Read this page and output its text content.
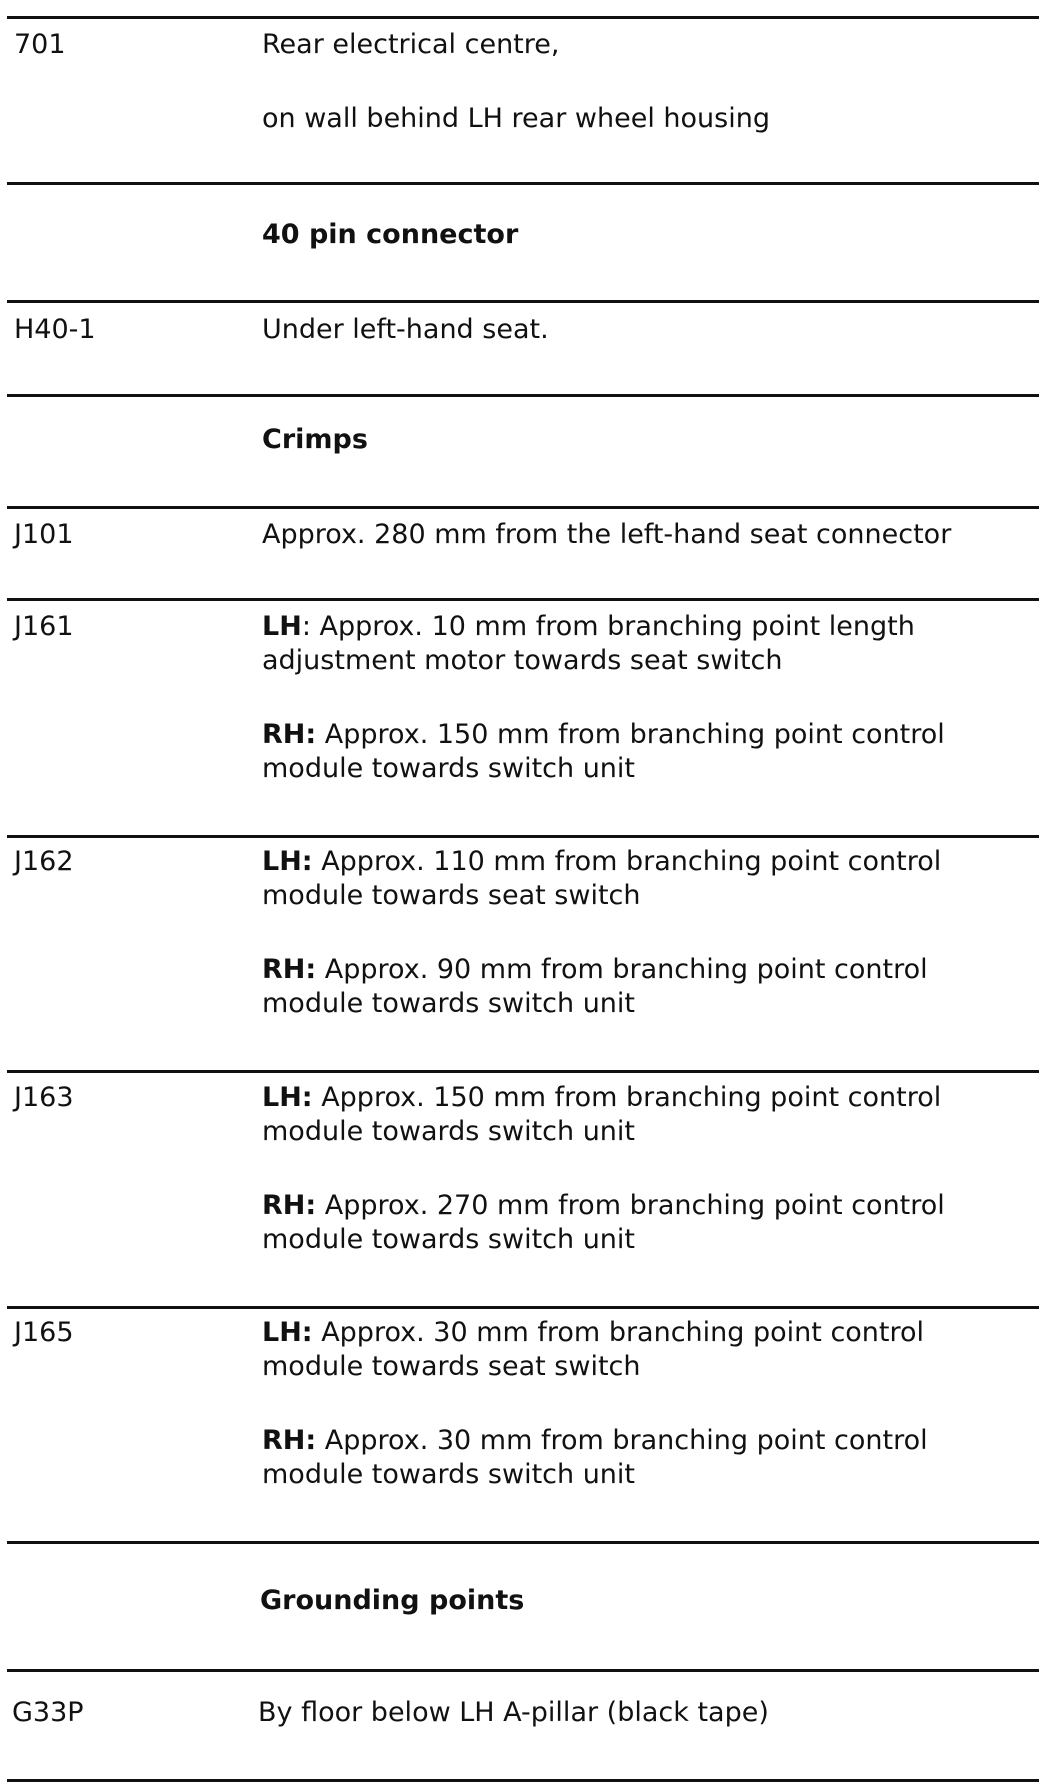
701	Rear electrical centre,
on wall behind LH rear wheel housing
40 pin connector
H40-1	Under left-hand seat.
Crimps
J101	Approx. 280 mm from the left-hand seat connector
J161	LH: Approx. 10 mm from branching point length adjustment motor towards seat switch
RH: Approx. 150 mm from branching point control module towards switch unit
J162	LH: Approx. 110 mm from branching point control module towards seat switch
RH: Approx. 90 mm from branching point control module towards switch unit
J163	LH: Approx. 150 mm from branching point control module towards switch unit
RH: Approx. 270 mm from branching point control module towards switch unit
J165	LH: Approx. 30 mm from branching point control module towards seat switch
RH: Approx. 30 mm from branching point control module towards switch unit
Grounding points
G33P	By floor below LH A-pillar (black tape)
